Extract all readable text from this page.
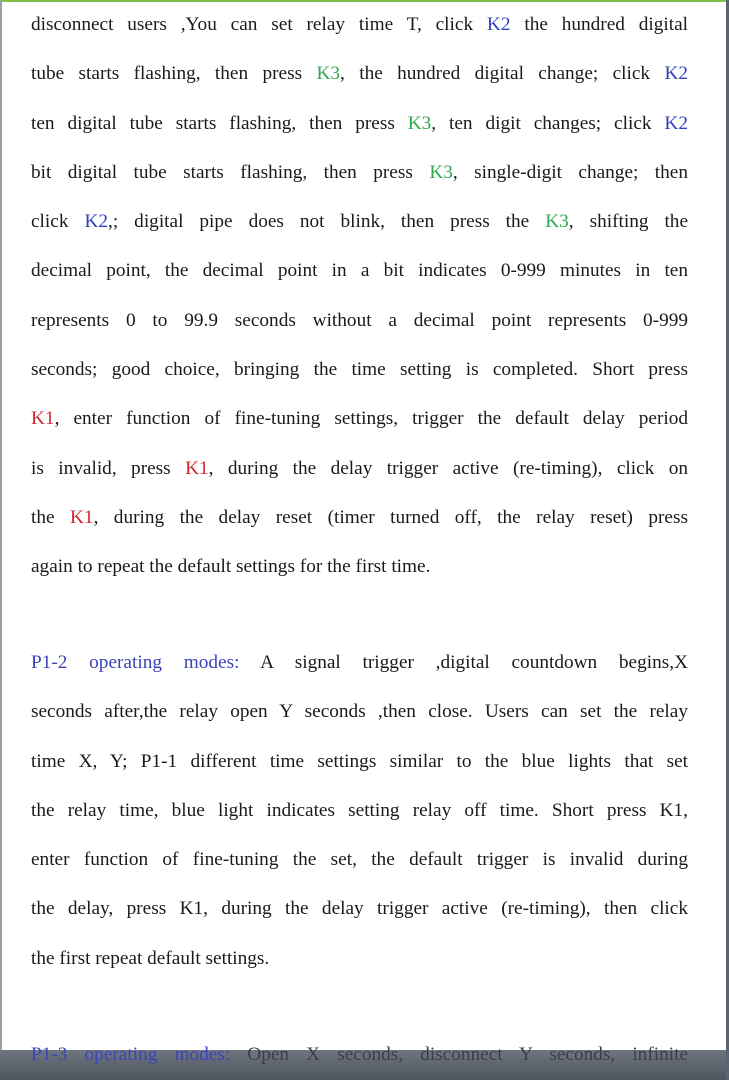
disconnect users ,You can set relay time T, click K2 the hundred digital
tube starts flashing, then press K3, the hundred digital change; click K2
ten digital tube starts flashing, then press K3, ten digit changes; click K2
bit digital tube starts flashing, then press K3, single-digit change; then
click K2,; digital pipe does not blink, then press the K3, shifting the
decimal point, the decimal point in a bit indicates 0-999 minutes in ten
represents 0 to 99.9 seconds without a decimal point represents 0-999
seconds; good choice, bringing the time setting is completed. Short press
K1, enter function of fine-tuning settings, trigger the default delay period
is invalid, press K1, during the delay trigger active (re-timing), click on
the K1, during the delay reset (timer turned off, the relay reset) press
again to repeat the default settings for the first time.
P1-2 operating modes: A signal trigger ,digital countdown begins,X
seconds after,the relay open Y seconds ,then close. Users can set the relay
time X, Y; P1-1 different time settings similar to the blue lights that set
the relay time, blue light indicates setting relay off time. Short press K1,
enter function of fine-tuning the set, the default trigger is invalid during
the delay, press K1, during the delay trigger active (re-timing), then click
the first repeat default settings.
P1-3 operating modes: Open X seconds, disconnect Y seconds, infinite
